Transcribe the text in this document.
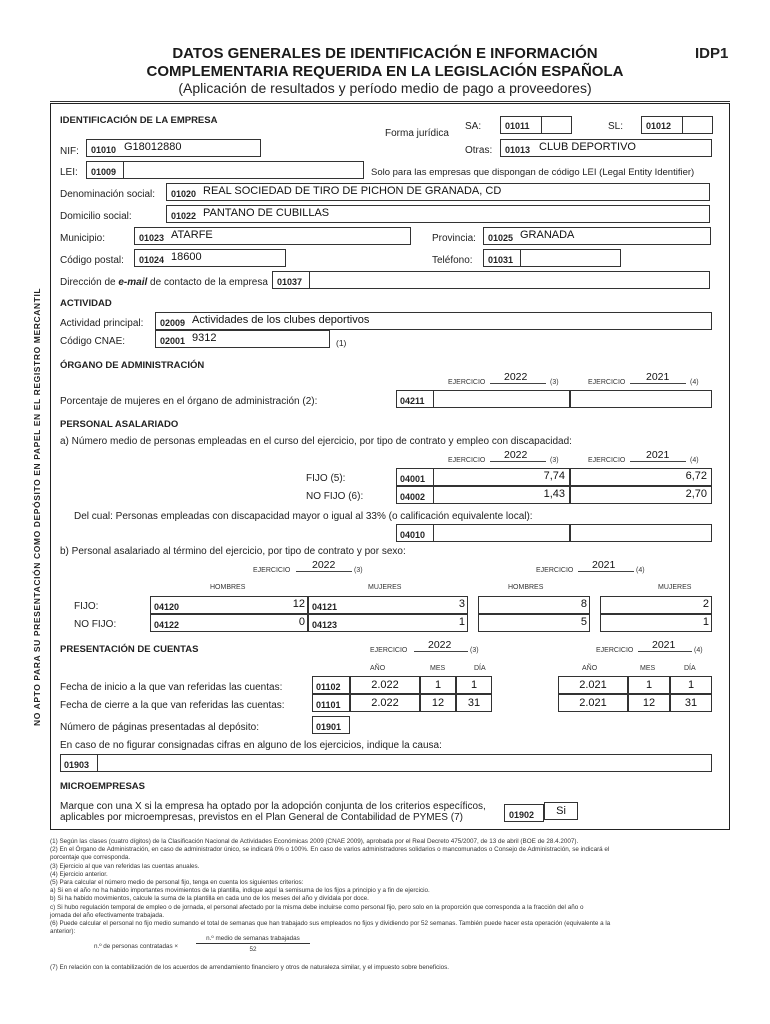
DATOS GENERALES DE IDENTIFICACIÓN E INFORMACIÓN
COMPLEMENTARIA REQUERIDA EN LA LEGISLACIÓN ESPAÑOLA
(Aplicación de resultados y período medio de pago a proveedores)
IDP1
NO APTO PARA SU PRESENTACIÓN COMO DEPÓSITO EN PAPEL EN EL REGISTRO MERCANTIL
IDENTIFICACIÓN DE LA EMPRESA
Forma jurídica
SA:	01011	SL:	01012
NIF: 01010 G18012880	Otras: 01013 CLUB DEPORTIVO
LEI: 01009	Solo para las empresas que dispongan de código LEI (Legal Entity Identifier)
Denominación social: 01020 REAL SOCIEDAD DE TIRO DE PICHON DE GRANADA, CD
Domicilio social:	01022 PANTANO DE CUBILLAS
Municipio:	01023 ATARFE	Provincia: 01025 GRANADA
Código postal: 01024 18600	Teléfono: 01031
Dirección de e-mail de contacto de la empresa 01037
ACTIVIDAD
Actividad principal: 02009 Actividades de los clubes deportivos
Código CNAE:	02001 9312	(1)
ÓRGANO DE ADMINISTRACIÓN
EJERCICIO 2022	(3)	EJERCICIO 2021	(4)
Porcentaje de mujeres en el órgano de administración (2):	04211
PERSONAL ASALARIADO
a) Número medio de personas empleadas en el curso del ejercicio, por tipo de contrato y empleo con discapacidad:
EJERCICIO 2022	(3)	EJERCICIO 2021	(4)
FIJO (5):	04001	7,74	6,72
NO FIJO (6):	04002	1,43	2,70
Del cual: Personas empleadas con discapacidad mayor o igual al 33% (o calificación equivalente local):
04010
b) Personal asalariado al término del ejercicio, por tipo de contrato y por sexo:
EJERCICIO 2022	(3)	EJERCICIO 2021	(4)
HOMBRES	MUJERES	HOMBRES	MUJERES
FIJO:	04120	12 04121	3	8	2
NO FIJO:	04122	0 04123	1	5	1
PRESENTACIÓN DE CUENTAS	EJERCICIO 2022	(3)	EJERCICIO 2021	(4)
AÑO	MES	DÍA	AÑO	MES	DÍA
Fecha de inicio a la que van referidas las cuentas:	01102	2.022	1	1	2.021	1	1
Fecha de cierre a la que van referidas las cuentas:	01101	2.022	12	31	2.021	12	31
Número de páginas presentadas al depósito:	01901
En caso de no figurar consignadas cifras en alguno de los ejercicios, indique la causa:
01903
MICROEMPRESAS
Marque con una X si la empresa ha optado por la adopción conjunta de los criterios específicos,
aplicables por microempresas, previstos en el Plan General de Contabilidad de PYMES (7)	01902	Si
(1) Según las clases (cuatro dígitos) de la Clasificación Nacional de Actividades Económicas 2009 (CNAE 2009), aprobada por el Real Decreto 475/2007, de 13 de abril (BOE de 28.4.2007).
(2) En el Órgano de Administración, en caso de administrador único, se indicará 0% o 100%. En caso de varios administradores solidarios o mancomunados o Consejo de Administración, se indicará el
porcentaje que corresponda.
(3) Ejercicio al que van referidas las cuentas anuales.
(4) Ejercicio anterior.
(5) Para calcular el número medio de personal fijo, tenga en cuenta los siguientes criterios:
a) Si en el año no ha habido importantes movimientos de la plantilla, indique aquí la semisuma de los fijos a principio y a fin de ejercicio.
b) Si ha habido movimientos, calcule la suma de la plantilla en cada uno de los meses del año y divídala por doce.
c) Si hubo regulación temporal de empleo o de jornada, el personal afectado por la misma debe incluirse como personal fijo, pero solo en la proporción que corresponda a la fracción del año o
jornada del año efectivamente trabajada.
(6) Puede calcular el personal no fijo medio sumando el total de semanas que han trabajado sus empleados no fijos y dividiendo por 52 semanas. También puede hacer esta operación (equivalente a la
anterior):
n.º de personas contratadas ×
n.º medio de semanas trabajadas
52
(7) En relación con la contabilización de los acuerdos de arrendamiento financiero y otros de naturaleza similar, y el impuesto sobre beneficios.
